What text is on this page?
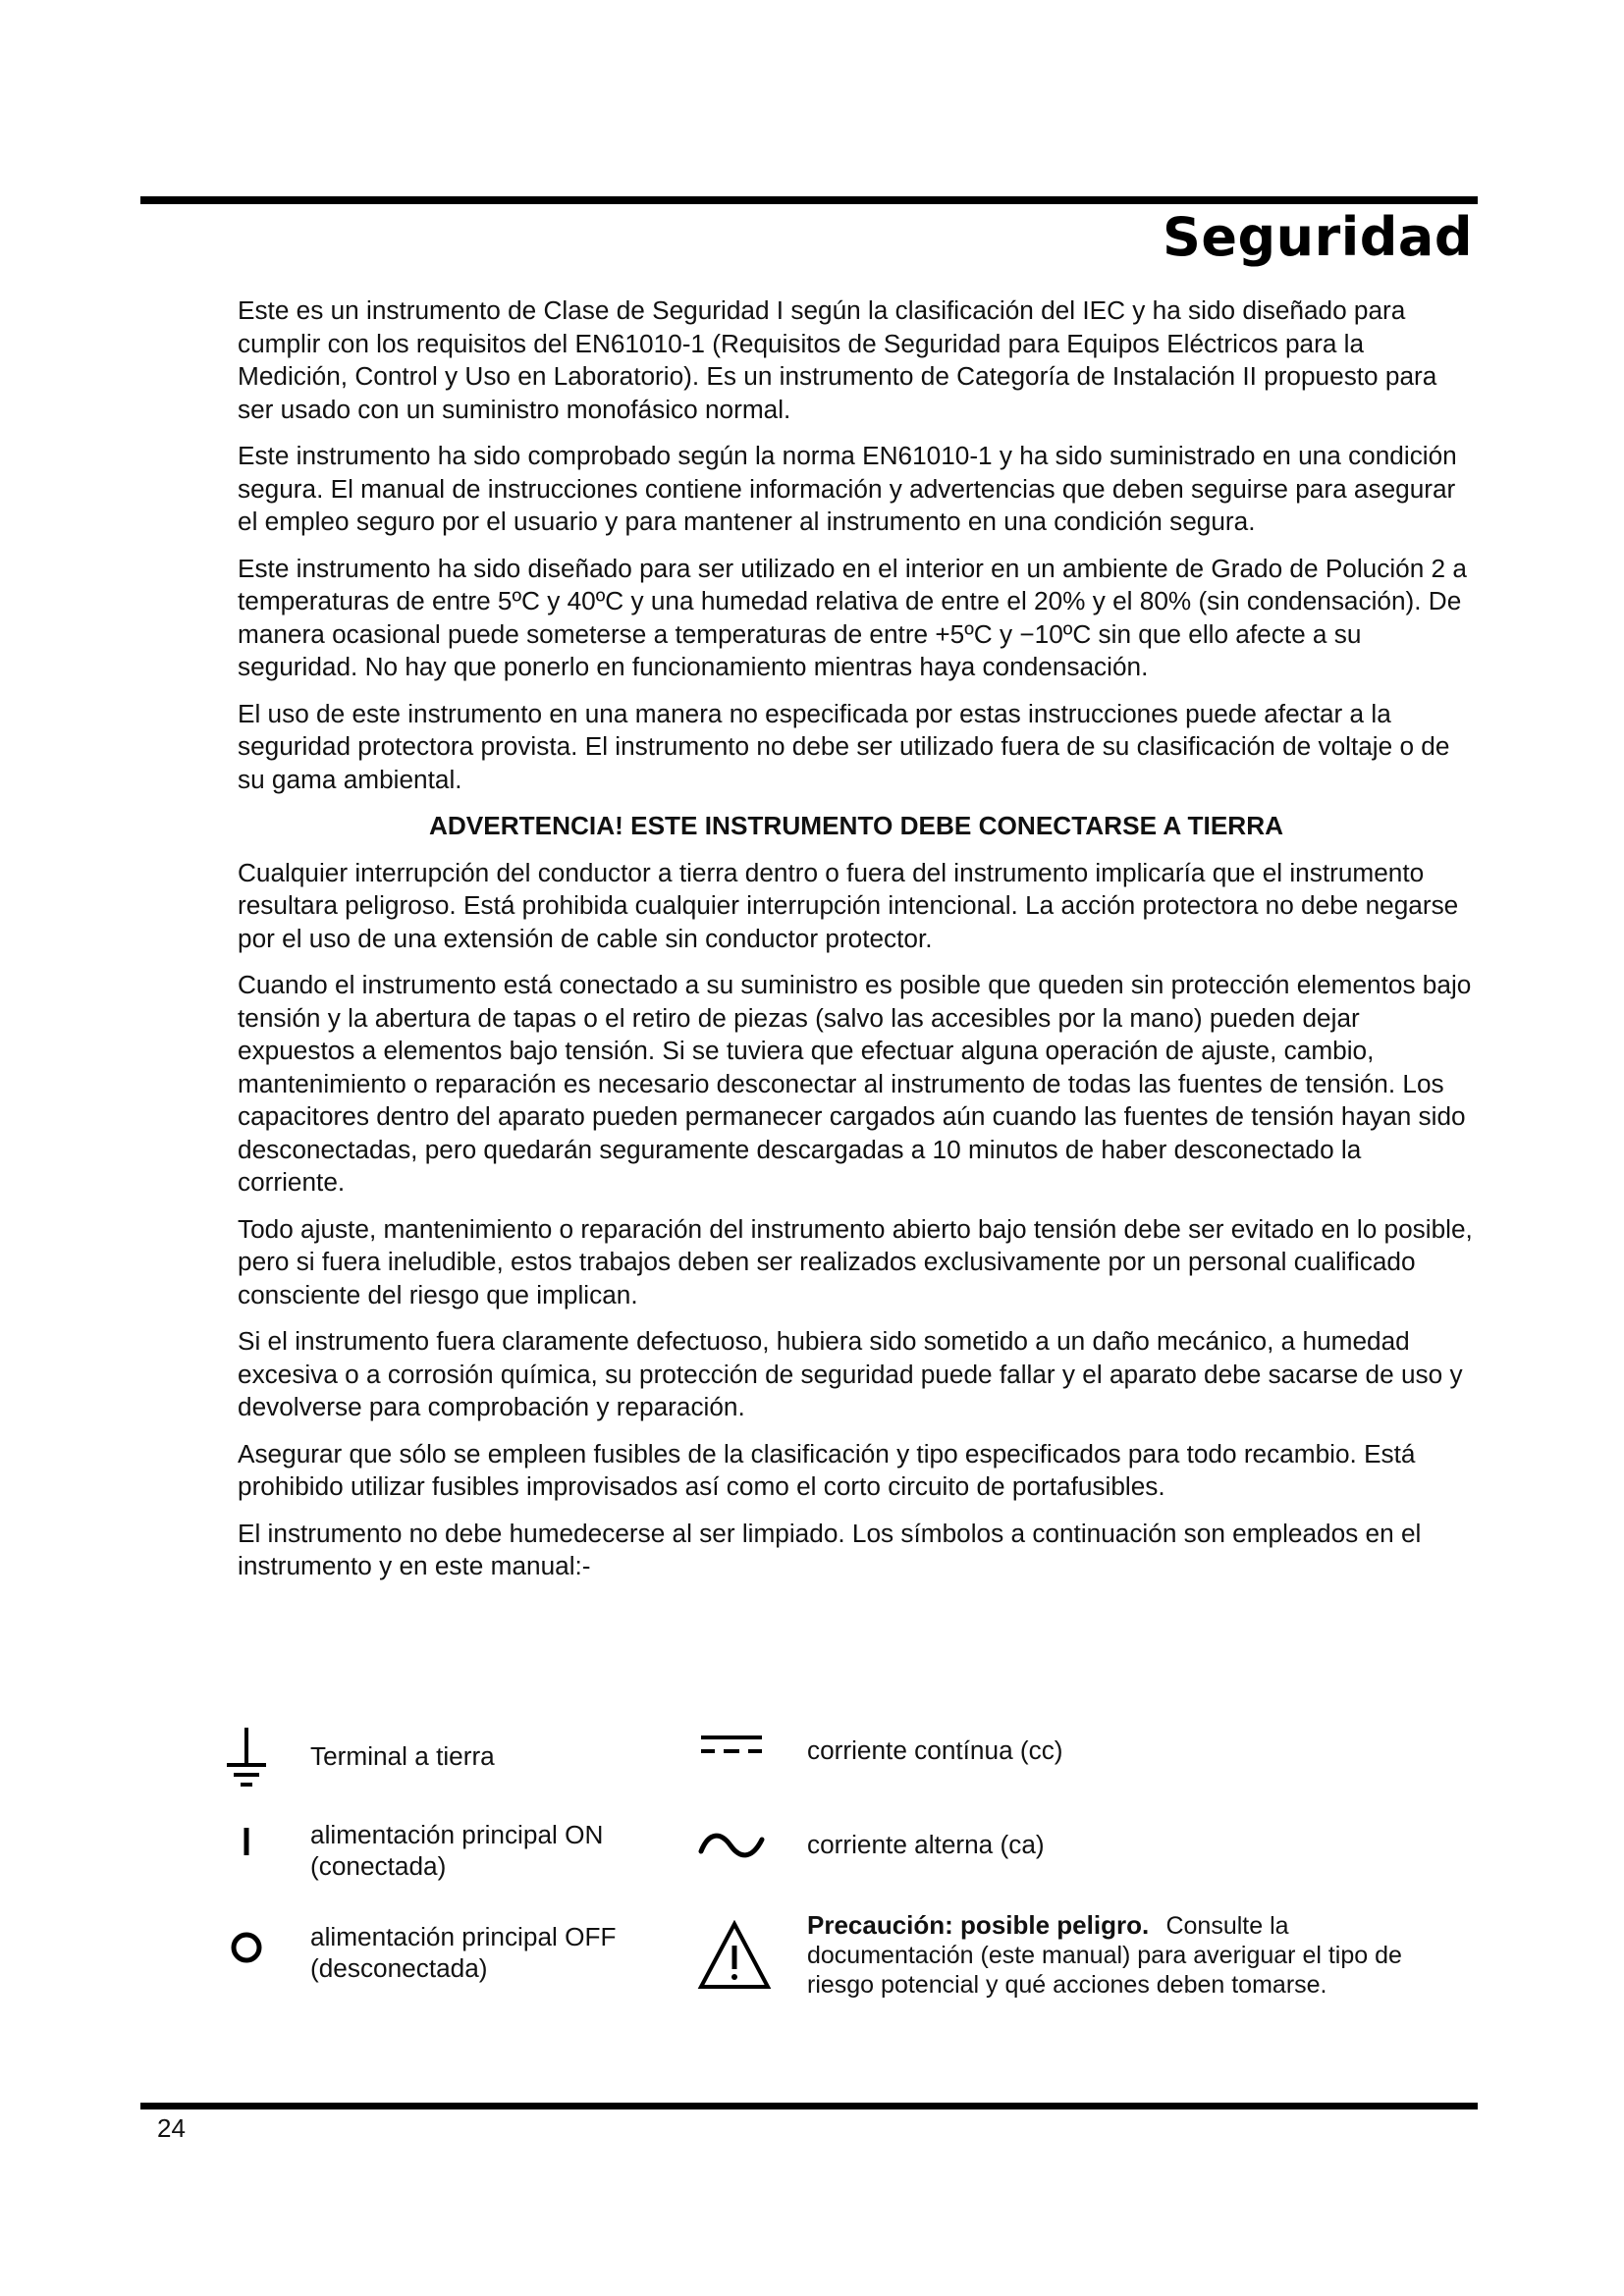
Seguridad

Este es un instrumento de Clase de Seguridad I según la clasificación del IEC y ha sido diseñado para cumplir con los requisitos del EN61010-1 (Requisitos de Seguridad para Equipos Eléctricos para la Medición, Control y Uso en Laboratorio). Es un instrumento de Categoría de Instalación II propuesto para ser usado con un suministro monofásico normal.

Este instrumento ha sido comprobado según la norma EN61010-1 y ha sido suministrado en una condición segura. El manual de instrucciones contiene información y advertencias que deben seguirse para asegurar el empleo seguro por el usuario y para mantener al instrumento en una condición segura.

Este instrumento ha sido diseñado para ser utilizado en el interior en un ambiente de Grado de Polución 2 a temperaturas de entre 5ºC y 40ºC y una humedad relativa de entre el 20% y el 80% (sin condensación). De manera ocasional puede someterse a temperaturas de entre +5ºC y −10ºC sin que ello afecte a su seguridad. No hay que ponerlo en funcionamiento mientras haya condensación.

El uso de este instrumento en una manera no especificada por estas instrucciones puede afectar a la seguridad protectora provista. El instrumento no debe ser utilizado fuera de su clasificación de voltaje o de su gama ambiental.

ADVERTENCIA! ESTE INSTRUMENTO DEBE CONECTARSE A TIERRA

Cualquier interrupción del conductor a tierra dentro o fuera del instrumento implicaría que el instrumento resultara peligroso. Está prohibida cualquier interrupción intencional. La acción protectora no debe negarse por el uso de una extensión de cable sin conductor protector.

Cuando el instrumento está conectado a su suministro es posible que queden sin protección elementos bajo tensión y la abertura de tapas o el retiro de piezas (salvo las accesibles por la mano) pueden dejar expuestos a elementos bajo tensión. Si se tuviera que efectuar alguna operación de ajuste, cambio, mantenimiento o reparación es necesario desconectar al instrumento de todas las fuentes de tensión. Los capacitores dentro del aparato pueden permanecer cargados aún cuando las fuentes de tensión hayan sido desconectadas, pero quedarán seguramente descargadas a 10 minutos de haber desconectado la corriente.

Todo ajuste, mantenimiento o reparación del instrumento abierto bajo tensión debe ser evitado en lo posible, pero si fuera ineludible, estos trabajos deben ser realizados exclusivamente por un personal cualificado consciente del riesgo que implican.

Si el instrumento fuera claramente defectuoso, hubiera sido sometido a un daño mecánico, a humedad excesiva o a corrosión química, su protección de seguridad puede fallar y el aparato debe sacarse de uso y devolverse para comprobación y reparación.

Asegurar que sólo se empleen fusibles de la clasificación y tipo especificados para todo recambio. Está prohibido utilizar fusibles improvisados así como el corto circuito de portafusibles.

El instrumento no debe humedecerse al ser limpiado. Los símbolos a continuación son empleados en el instrumento y en este manual:-

Terminal a tierra
alimentación principal ON
(conectada)
alimentación principal OFF
(desconectada)
corriente contínua (cc)
corriente alterna (ca)
Precaución: posible peligro. Consulte la
documentación (este manual) para averiguar el tipo de
riesgo potencial y qué acciones deben tomarse.
24
